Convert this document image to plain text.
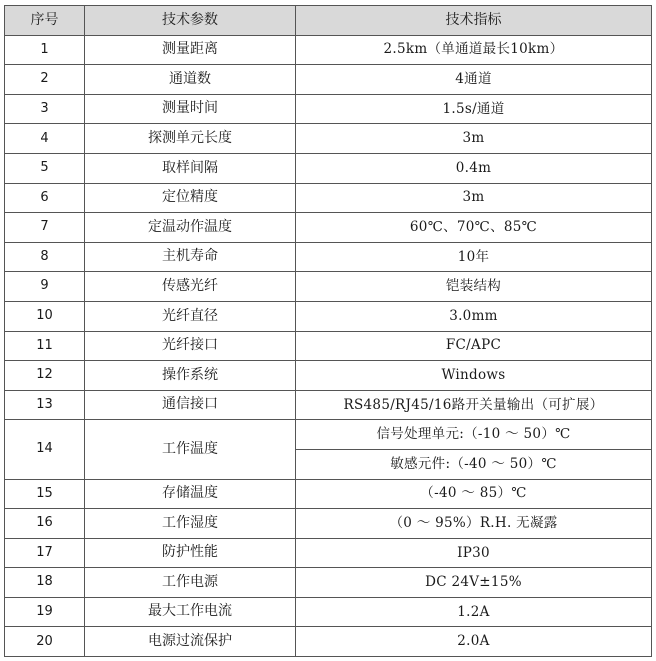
序号	技术参数	技术指标
1	测量距离	2.5km（单通道最长10km）
2	通道数	4通道
3	测量时间	1.5s/通道
4	探测单元长度	3m
5	取样间隔	0.4m
6	定位精度	3m
7	定温动作温度	60℃、70℃、85℃
8	主机寿命	10年
9	传感光纤	铠装结构
10	光纤直径	3.0mm
11	光纤接口	FC/APC
12	操作系统	Windows
13	通信接口	RS485/RJ45/16路开关量输出（可扩展）
14	工作温度	信号处理单元:（-10 ～ 50）℃
		敏感元件:（-40 ～ 50）℃
15	存储温度	（-40 ～ 85）℃
16	工作湿度	（0 ～ 95%）R.H. 无凝露
17	防护性能	IP30
18	工作电源	DC 24V±15%
19	最大工作电流	1.2A
20	电源过流保护	2.0A
